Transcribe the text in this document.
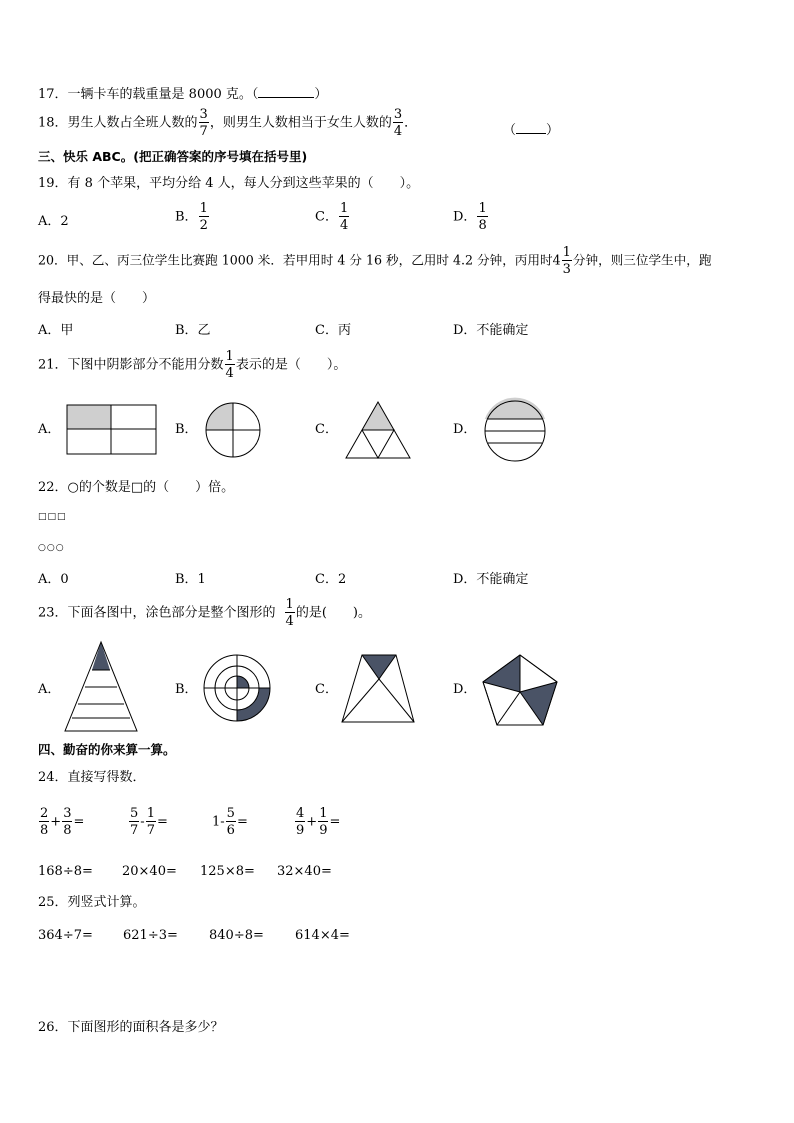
17．一辆卡车的载重量是 8000 克。（	）
18．男生人数占全班人数的 $\frac{3}{7}$ ，则男生人数相当于女生人数的 $\frac{3}{4}$ ．	（ ）
三、快乐 ABC。(把正确答案的序号填在括号里)
19．有 8 个苹果，平均分给 4 人，每人分到这些苹果的（　　）。
A．2	B． $\frac{1}{2}$	C． $\frac{1}{4}$	D． $\frac{1}{8}$
20．甲、乙、丙三位学生比赛跑 1000 米．若甲用时 4 分 16 秒，乙用时 4.2 分钟，丙用时$4 \frac{1}{3}$ 分钟，则三位学生中，跑
得最快的是（　　）
A．甲	B．乙	C．丙	D．不能确定
21．下图中阴影部分不能用分数 $\frac{1}{4}$ 表示的是（　　）。
A．	B．	C．	D．
22．○的个数是□的（　　）倍。
□□□
○○○
A．0	B．1	C．2	D．不能确定
23．下面各图中，涂色部分是整个图形的 $\frac{1}{4}$ 的是(　　)。
A．	B．	C．	D．
四、勤奋的你来算一算。
24．直接写得数．
$\frac{2}{8} + \frac{3}{8}$ =	$\frac{5}{7} - \frac{1}{7}$ =	$1- \frac{5}{6}$ =	$\frac{4}{9} + \frac{1}{9}$ =
168÷8= 20×40= 125×8= 32×40=
25．列竖式计算。
364÷7= 621÷3= 840÷8= 614×4=
26．下面图形的面积各是多少？
